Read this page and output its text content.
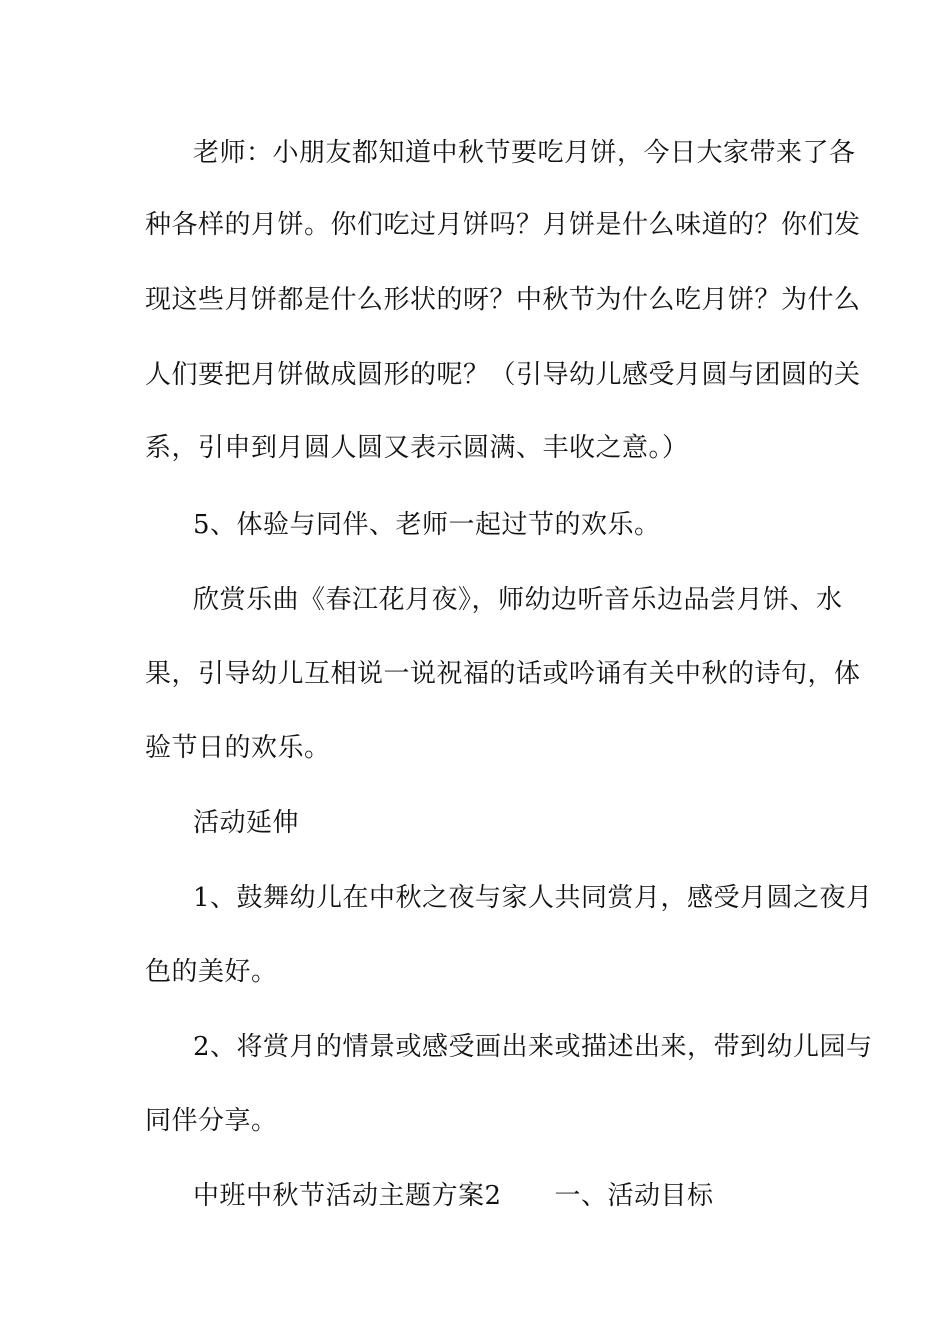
老师：小朋友都知道中秋节要吃月饼，今日大家带来了各
种各样的月饼。你们吃过月饼吗？月饼是什么味道的？你们发
现这些月饼都是什么形状的呀？中秋节为什么吃月饼？为什么
人们要把月饼做成圆形的呢？（引导幼儿感受月圆与团圆的关
系，引申到月圆人圆又表示圆满、丰收之意。）
5、体验与同伴、老师一起过节的欢乐。
欣赏乐曲《春江花月夜》，师幼边听音乐边品尝月饼、水
果，引导幼儿互相说一说祝福的话或吟诵有关中秋的诗句，体
验节日的欢乐。
活动延伸
1、鼓舞幼儿在中秋之夜与家人共同赏月，感受月圆之夜月
色的美好。
2、将赏月的情景或感受画出来或描述出来，带到幼儿园与
同伴分享。
中班中秋节活动主题方案2　　一、活动目标
